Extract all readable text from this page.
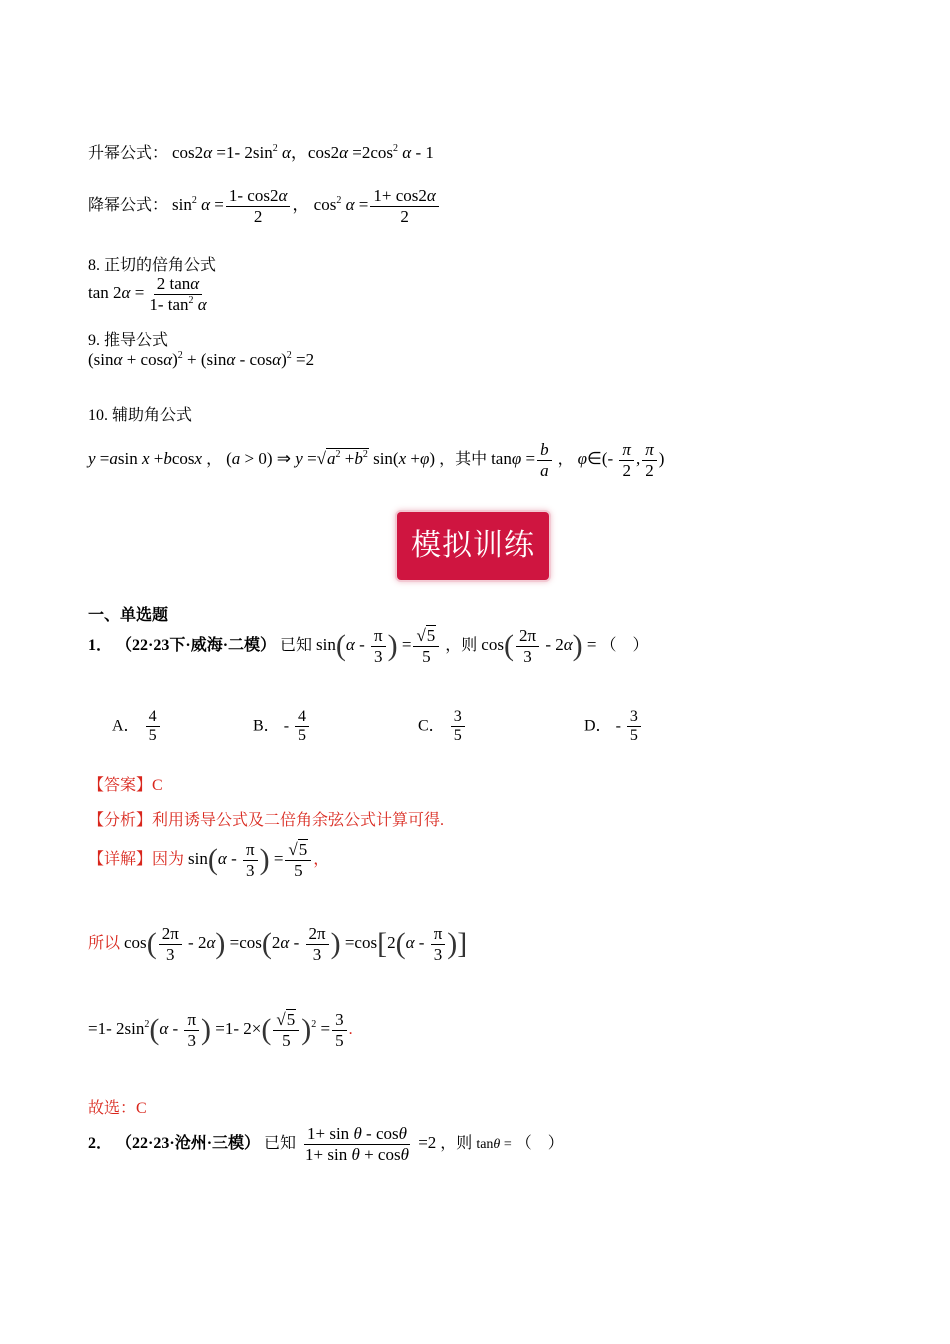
升幂公式： cos2α =1- $2\sin^2$ α，$\cos 2\alpha =2\cos^2$ α - 1
降幂公式： $\sin^2 \alpha = \frac{1- \cos 2\alpha}{2}$ ， $\cos^2 \alpha = \frac{1+ \cos 2\alpha}{2}$
8. 正切的倍角公式
$\tan 2\alpha = \frac{2 \tan\alpha}{1- \tan^2 \alpha}$
9. 推导公式
$(\sin\alpha + \cos\alpha)^2 + (\sin\alpha - \cos\alpha)^2 =2$
10. 辅助角公式
y =asin x +bcosx ， (a > 0) ⇒ $y =√a^2 +b^2$ sin(x +φ) ，其中 $\tan\varphi = \frac{b}{a}$ ， φ∈(- $\frac{\pi}{2}$ , $\frac{\pi}{2}$ )
模拟训练
一、单选题
1． （22·23下·威海·二模） 已知 $\sin(\alpha - \frac{\pi}{3}$ ) = $\frac{√5}{5}$ ，则 $\cos( \frac{2\pi}{3} - 2\alpha)$ = （　）
A． $\frac{4}{5}$	B． - $\frac{4}{5}$	C． $\frac{3}{5}$	D． - $\frac{3}{5}$
【答案】C
【分析】利用诱导公式及二倍角余弦公式计算可得.
【详解】因为 $\sin(\alpha - \frac{\pi}{3}$ ) = $\frac{√5}{5}$ ，
所以 $\cos( \frac{2\pi}{3} - 2\alpha) =\cos(2\alpha - \frac{2\pi}{3}$ ) $=\cos[2(\alpha - \frac{\pi}{3}$ )]
=1- $2\sin^2(\alpha - \frac{\pi}{3}$ ) =1- $2\times( \frac{√5}{5} )^2 = \frac{3}{5}$ .
故选：C
2． （22·23·沧州·三模） 已知 $\frac{\text{1+ sin θ - cosθ}}{\text{1+ sin θ + cosθ}} =2$ ，则 tanθ = （　）
